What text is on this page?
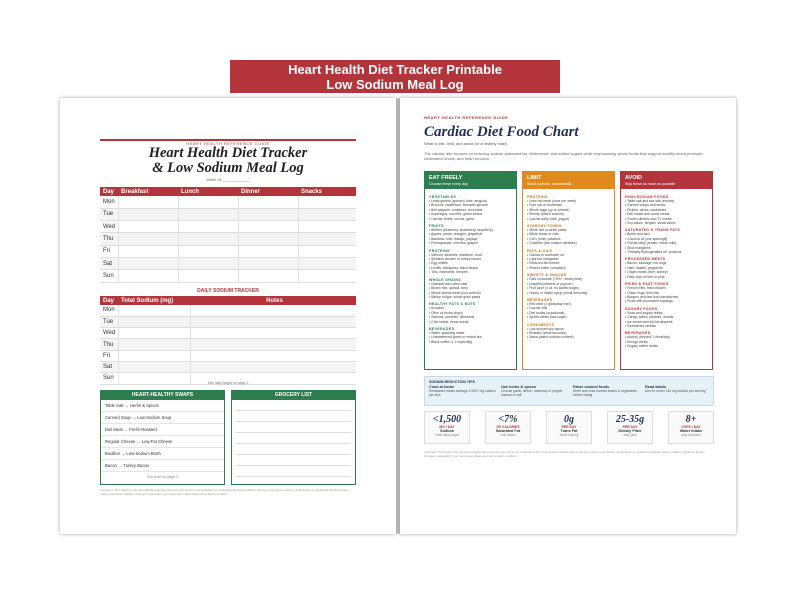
Heart Health Diet Tracker Printable
Low Sodium Meal Log
HEART HEALTH REFERENCE GUIDE
Heart Health Diet Tracker
& Low Sodium Meal Log
Week of: ____________
Day	Breakfast	Lunch	Dinner	Snacks
Mon				
Tue				
Wed				
Thu				
Fri				
Sat				
Sun				
DAILY SODIUM TRACKER
Day	Total Sodium (mg)	Notes
Mon		
Tue		
Wed		
Thu		
Fri		
Sat		
Sun		
See daily target on page 2
HEART-HEALTHY SWAPS
Table Salt → Herbs & Spices
Canned Soup → Low-Sodium Soup
Deli Meat → Fresh Roasted
Regular Cheese → Low-Fat Cheese
Bouillon → Low-Sodium Broth
Bacon → Turkey Bacon
Full chart on page 2
GROCERY LIST
Important: This tracker is for general educational purposes only and is not a substitute for professional medical advice. Always consult your doctor, cardiologist, or registered dietitian before making significant dietary changes, especially if you have been diagnosed with a heart condition.
HEART HEALTH REFERENCE GUIDE
Cardiac Diet Food Chart
What to eat, limit, and avoid for a healthy heart
The cardiac diet focuses on reducing sodium saturated fat, cholesterol, and added sugars while emphasizing whole foods that support healthy blood pressure, cholesterol levels, and heart function.
EAT FREELY
Choose these every day
VEGETABLES
• Leafy greens (spinach, kale, arugula)
• Broccoli, cauliflower, Brussels sprouts
• Bell peppers, tomatoes, cucumber
• Asparagus, zucchini, green beans
• Carrots, beets, onions, garlic
FRUITS
• Berries (blueberry, strawberry, raspberry)
• Apples, pears, oranges, grapefruit
• Bananas, kiwi, mango, papaya
• Pomegranate, cherries, grapes
PROTEINS
• Salmon, sardines, mackerel, trout
• Skinless chicken or turkey breast
• Egg whites
• Lentils, chickpeas, black beans
• Tofu, edamame, tempeh
WHOLE GRAINS
• Oatmeal and rolled oats
• Brown rice, quinoa, farro
• Whole wheat bread (low-sodium)
• Barley, bulgur, whole grain pasta
HEALTHY FATS & NUTS
• Avocado
• Olive oil (extra virgin)
• Walnuts, almonds, flaxseeds
• Chia seeds, hemp seeds
BEVERAGES
• Water, sparkling water
• Unsweetened green or herbal tea
• Black coffee (1-2 cups/day)
LIMIT
Small portions, occasionally
PROTEINS
• Lean red meat (once per week)
• Pork loin or tenderloin
• Whole eggs (up to 4/week)
• Shrimp (watch sodium)
• Low-fat dairy (milk, yogurt)
STARCHY FOODS
• White rice or white pasta
• White bread or rolls
• Corn, peas, potatoes
• Crackers (low-sodium varieties)
FATS & OILS
• Canola or sunflower oil
• Light tub margarine
• Reduced-fat cheese
• Peanut butter (unsalted)
SWEETS & SNACKS
• Dark chocolate (70%+, small piece)
• Unsalted pretzels or popcorn
• Fruit juice (4 oz, no added sugar)
• Honey or maple syrup (small amounts)
BEVERAGES
• Red wine (1 glass/day max)
• Low-fat milk
• Diet sodas (occasional)
• Sports drinks (low sugar)
CONDIMENTS
• Low-sodium soy sauce
• Mustard (small amounts)
• Salsa (watch sodium content)
AVOID
Skip these as much as possible
HIGH-SODIUM FOODS
• Table salt and sea salt (excess)
• Canned soups and stews
• Pickles, olives, sauerkraut
• Deli meats and cured meats
• Frozen dinners and TV meals
• Soy sauce, teriyaki, steak sauce
SATURATED & TRANS FATS
• Butter and lard
• Coconut oil (use sparingly)
• Full-fat dairy (cream, whole milk)
• Stick margarine
• "Partially hydrogenated oil" products
PROCESSED MEATS
• Bacon, sausage, hot dogs
• Ham, salami, pepperoni
• Organ meats (liver, kidney)
• Fatty cuts of beef or pork
FRIED & FAST FOODS
• French fries, fried chicken
• Onion rings, fried fish
• Burgers and fast food sandwiches
• Pizza with processed toppings
SUGARY FOODS
• Soda and sugary drinks
• Candy, cakes, pastries, donuts
• Ice cream and full-fat desserts
• Sweetened cereals
BEVERAGES
• Alcohol (beyond 1 drink/day)
• Energy drinks
• Sugary coffee drinks
SODIUM-REDUCTION TIPS
Cook at home
Restaurant meals average 2,000+ mg sodium per dish
Use herbs & spices
Choose garlic, lemon, rosemary or pepper instead of salt
Rinse canned foods
Drain and rinse canned beans & vegetables before eating
Read labels
Aim for under 140 mg sodium per serving
<1,500
MG / DAY
Sodium
ideal daily target
<7%
OF CALORIES
Saturated Fat
limit intake
0g
PER DAY
Trans Fat
avoid entirely
25-35g
PER DAY
Dietary Fiber
daily goal
8+
CUPS / DAY
Water Intake
stay hydrated
Important: This chart is for general educational purposes only and is not a substitute for professional medical advice. Always consult your doctor, cardiologist, or registered dietitian before making significant dietary changes, especially if you have been diagnosed with a heart condition.
